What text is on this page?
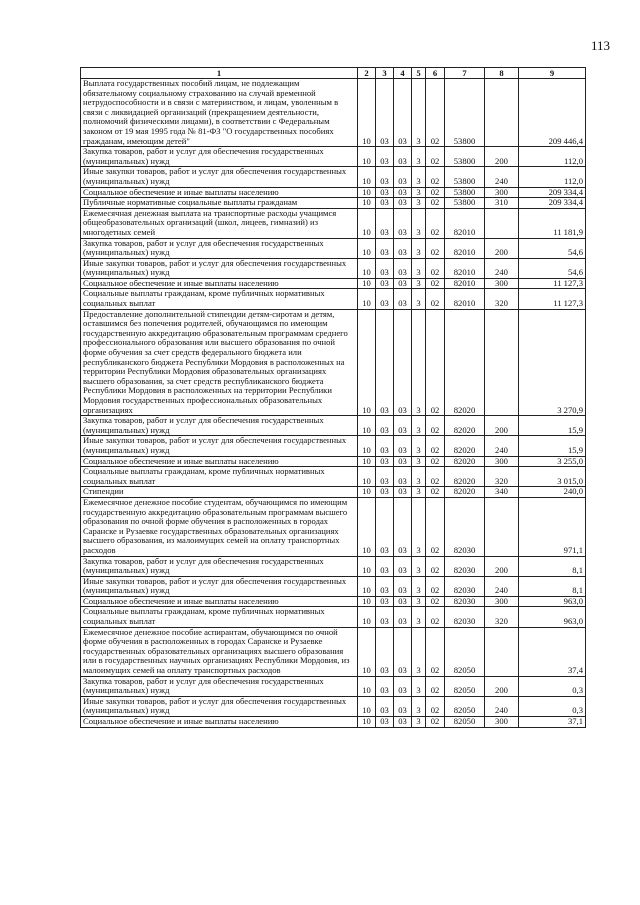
113
1	2	3	4	5	6	7	8	9
Выплата государственных пособий лицам, не подлежащим обязательному социальному страхованию на случай временной нетрудоспособности и в связи с материнством, и лицам, уволенным в связи с ликвидацией организаций (прекращением деятельности, полномочий физическими лицами), в соответствии с Федеральным законом от 19 мая 1995 года № 81-ФЗ "О государственных пособиях гражданам, имеющим детей"	10	03	03	3	02	53800		209 446,4
Закупка товаров, работ и услуг для обеспечения государственных (муниципальных) нужд	10	03	03	3	02	53800	200	112,0
Иные закупки товаров, работ и услуг для обеспечения государственных (муниципальных) нужд	10	03	03	3	02	53800	240	112,0
Социальное обеспечение и иные выплаты населению	10	03	03	3	02	53800	300	209 334,4
Публичные нормативные социальные выплаты гражданам	10	03	03	3	02	53800	310	209 334,4
Ежемесячная денежная выплата на транспортные расходы учащимся общеобразовательных организаций (школ, лицеев, гимназий) из многодетных семей	10	03	03	3	02	82010		11 181,9
Закупка товаров, работ и услуг для обеспечения государственных (муниципальных) нужд	10	03	03	3	02	82010	200	54,6
Иные закупки товаров, работ и услуг для обеспечения государственных (муниципальных) нужд	10	03	03	3	02	82010	240	54,6
Социальное обеспечение и иные выплаты населению	10	03	03	3	02	82010	300	11 127,3
Социальные выплаты гражданам, кроме публичных нормативных социальных выплат	10	03	03	3	02	82010	320	11 127,3
Предоставление дополнительной стипендии детям-сиротам и детям, оставшимся без попечения родителей, обучающимся по имеющим государственную аккредитацию образовательным программам среднего профессионального образования или высшего образования по очной форме обучения за счет средств федерального бюджета или республиканского бюджета Республики Мордовия в расположенных на территории Республики Мордовия образовательных организациях высшего образования, за счет средств республиканского бюджета Республики Мордовия в расположенных на территории Республики Мордовия государственных профессиональных образовательных организациях	10	03	03	3	02	82020		3 270,9
Закупка товаров, работ и услуг для обеспечения государственных (муниципальных) нужд	10	03	03	3	02	82020	200	15,9
Иные закупки товаров, работ и услуг для обеспечения государственных (муниципальных) нужд	10	03	03	3	02	82020	240	15,9
Социальное обеспечение и иные выплаты населению	10	03	03	3	02	82020	300	3 255,0
Социальные выплаты гражданам, кроме публичных нормативных социальных выплат	10	03	03	3	02	82020	320	3 015,0
Стипендии	10	03	03	3	02	82020	340	240,0
Ежемесячное денежное пособие студентам, обучающимся по имеющим государственную аккредитацию образовательным программам высшего образования по очной форме обучения в расположенных в городах Саранске и Рузаевке государственных образовательных организациях высшего образования, из малоимущих семей на оплату транспортных расходов	10	03	03	3	02	82030		971,1
Закупка товаров, работ и услуг для обеспечения государственных (муниципальных) нужд	10	03	03	3	02	82030	200	8,1
Иные закупки товаров, работ и услуг для обеспечения государственных (муниципальных) нужд	10	03	03	3	02	82030	240	8,1
Социальное обеспечение и иные выплаты населению	10	03	03	3	02	82030	300	963,0
Социальные выплаты гражданам, кроме публичных нормативных социальных выплат	10	03	03	3	02	82030	320	963,0
Ежемесячное денежное пособие аспирантам, обучающимся по очной форме обучения в расположенных в городах Саранске и Рузаевке государственных образовательных организациях высшего образования или в государственных научных организациях Республики Мордовия, из малоимущих семей на оплату транспортных расходов	10	03	03	3	02	82050		37,4
Закупка товаров, работ и услуг для обеспечения государственных (муниципальных) нужд	10	03	03	3	02	82050	200	0,3
Иные закупки товаров, работ и услуг для обеспечения государственных (муниципальных) нужд	10	03	03	3	02	82050	240	0,3
Социальное обеспечение и иные выплаты населению	10	03	03	3	02	82050	300	37,1
